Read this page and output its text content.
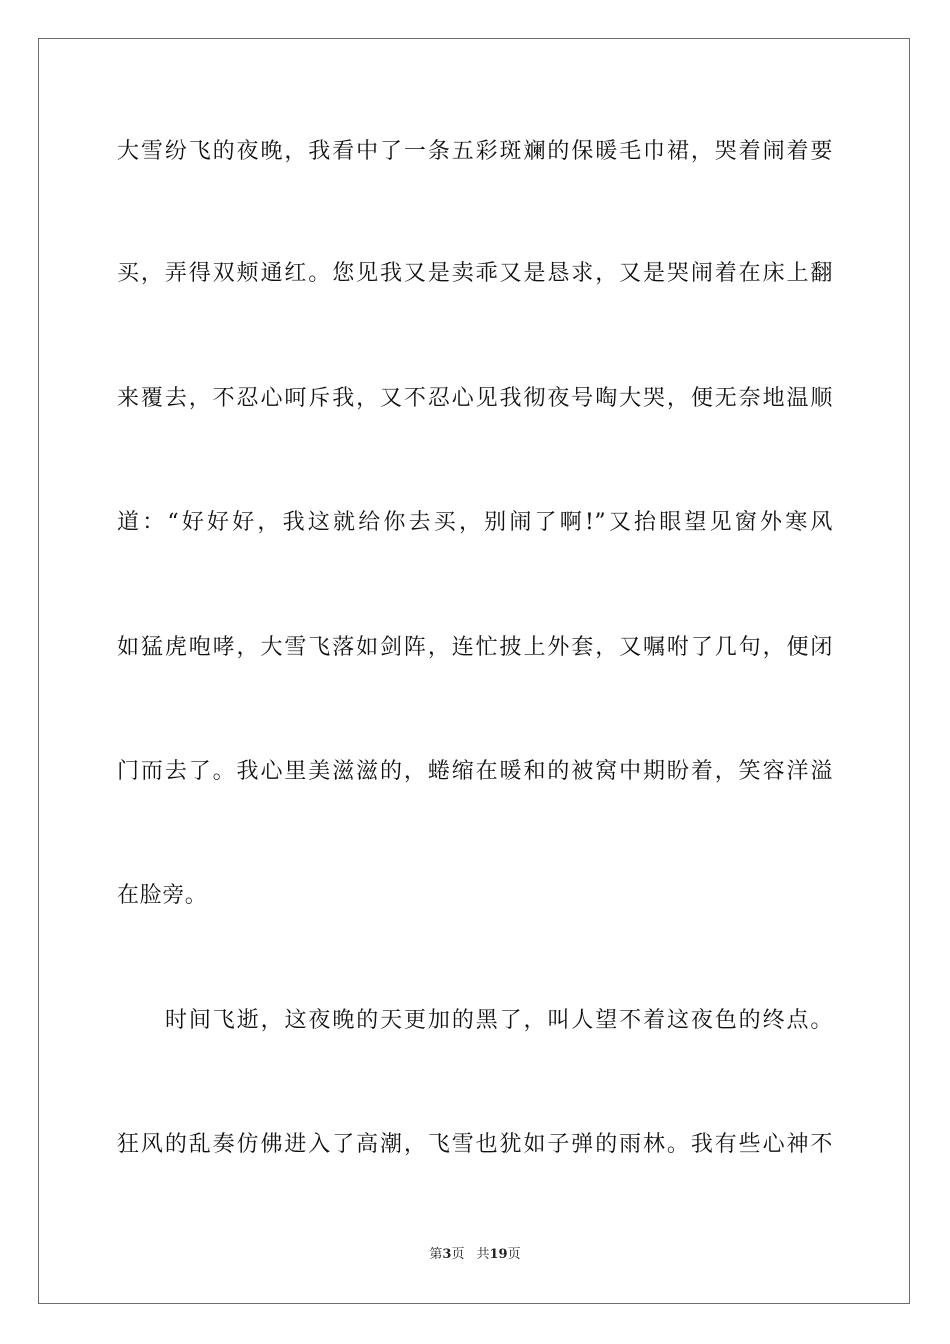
大雪纷飞的夜晚，我看中了一条五彩斑斓的保暖毛巾裙，哭着闹着要
买，弄得双颊通红。您见我又是卖乖又是恳求，又是哭闹着在床上翻
来覆去，不忍心呵斥我，又不忍心见我彻夜号啕大哭，便无奈地温顺
道：“好好好，我这就给你去买，别闹了啊!”又抬眼望见窗外寒风
如猛虎咆哮，大雪飞落如剑阵，连忙披上外套，又嘱咐了几句，便闭
门而去了。我心里美滋滋的，蜷缩在暖和的被窝中期盼着，笑容洋溢
在脸旁。
时间飞逝，这夜晚的天更加的黑了，叫人望不着这夜色的终点。
狂风的乱奏仿佛进入了高潮，飞雪也犹如子弹的雨林。我有些心神不
第3页 共19页
